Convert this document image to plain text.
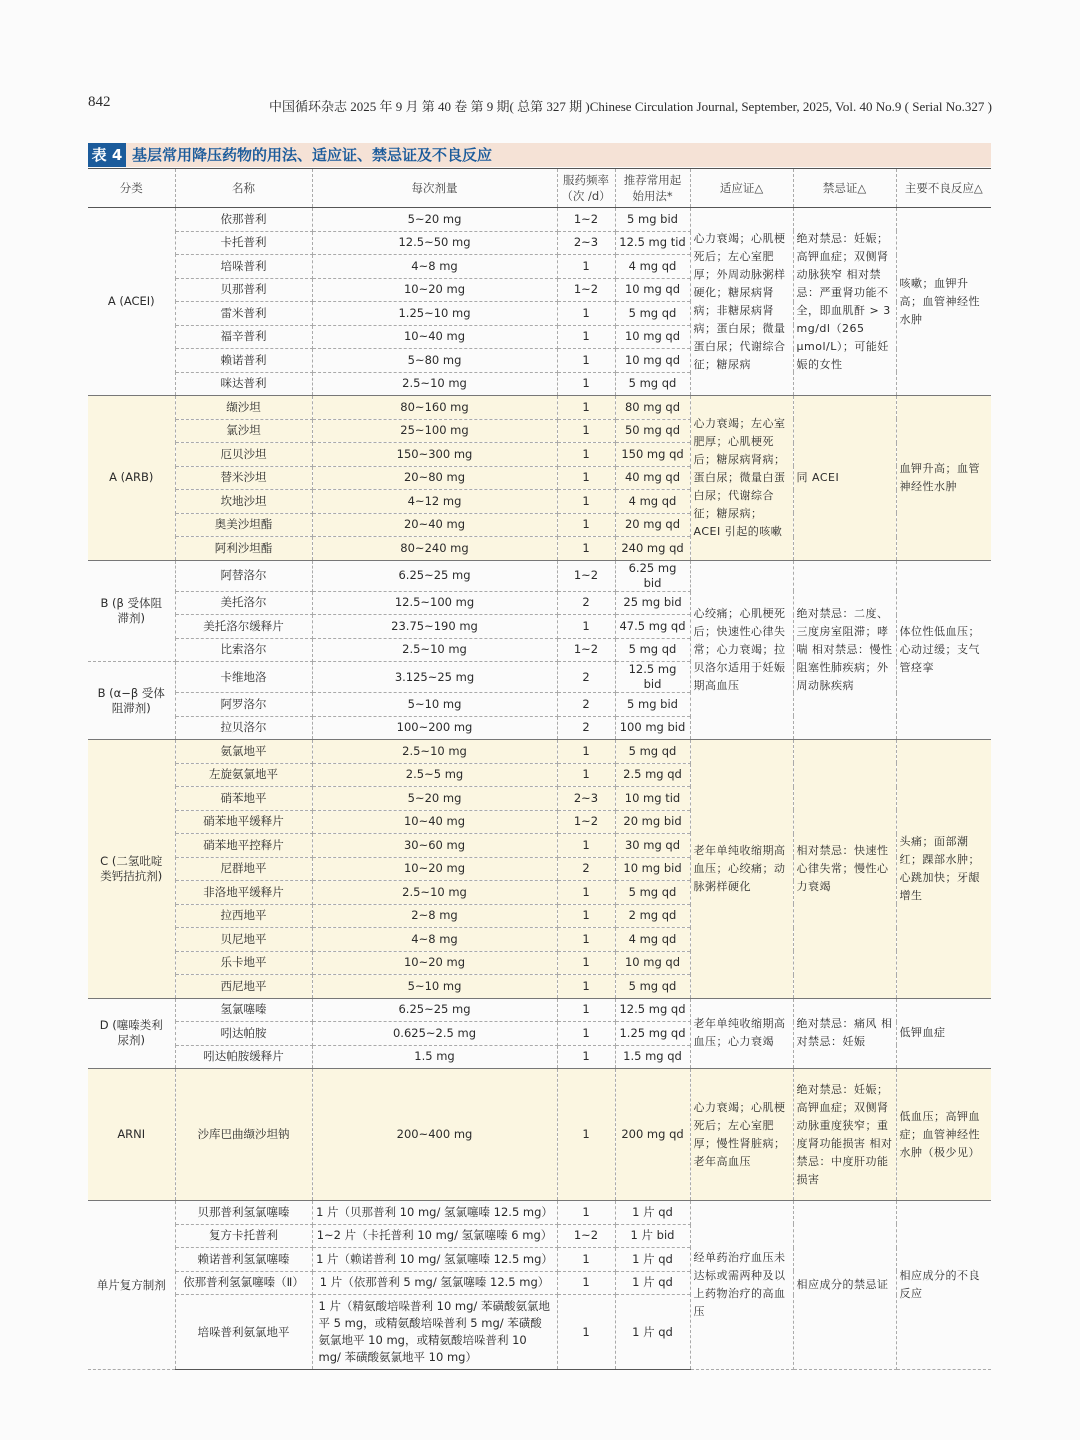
842	中国循环杂志 2025 年 9 月 第 40 卷 第 9 期( 总第 327 期 )Chinese Circulation Journal, September, 2025, Vol. 40 No.9 ( Serial No.327 )
表 4 基层常用降压药物的用法、适应证、禁忌证及不良反应
分类	名称	每次剂量	服药频率（次 /d）	推荐常用起始用法*	适应证△	禁忌证△	主要不良反应△
A (ACEI)	依那普利	5~20 mg	1~2	5 mg bid	心力衰竭；心肌梗死后；左心室肥厚；外周动脉粥样硬化；糖尿病肾病；非糖尿病肾病；蛋白尿；微量蛋白尿；代谢综合征；糖尿病	绝对禁忌：妊娠；高钾血症；双侧肾动脉狭窄 相对禁忌：严重肾功能不全，即血肌酐 > 3 mg/dl（265 μmol/L）；可能妊娠的女性	咳嗽；血钾升高；血管神经性水肿
	卡托普利	12.5~50 mg	2~3	12.5 mg tid			
	培哚普利	4~8 mg	1	4 mg qd			
	贝那普利	10~20 mg	1~2	10 mg qd			
	雷米普利	1.25~10 mg	1	5 mg qd			
	福辛普利	10~40 mg	1	10 mg qd			
	赖诺普利	5~80 mg	1	10 mg qd			
	咪达普利	2.5~10 mg	1	5 mg qd			
A (ARB)	缬沙坦	80~160 mg	1	80 mg qd	心力衰竭；左心室肥厚；心肌梗死后；糖尿病肾病；蛋白尿；微量白蛋白尿；代谢综合征；糖尿病；ACEI 引起的咳嗽	同 ACEI	血钾升高；血管神经性水肿
	氯沙坦	25~100 mg	1	50 mg qd			
	厄贝沙坦	150~300 mg	1	150 mg qd			
	替米沙坦	20~80 mg	1	40 mg qd			
	坎地沙坦	4~12 mg	1	4 mg qd			
	奥美沙坦酯	20~40 mg	1	20 mg qd			
	阿利沙坦酯	80~240 mg	1	240 mg qd			
B (β 受体阻滞剂)	阿替洛尔	6.25~25 mg	1~2	6.25 mg bid	心绞痛；心肌梗死后；快速性心律失常；心力衰竭；拉贝洛尔适用于妊娠期高血压	绝对禁忌：二度、三度房室阻滞；哮喘 相对禁忌：慢性阻塞性肺疾病；外周动脉疾病	体位性低血压；心动过缓；支气管痉挛
	美托洛尔	12.5~100 mg	2	25 mg bid			
	美托洛尔缓释片	23.75~190 mg	1	47.5 mg qd			
	比索洛尔	2.5~10 mg	1~2	5 mg qd			
B (α−β 受体阻滞剂)	卡维地洛	3.125~25 mg	2	12.5 mg bid			
	阿罗洛尔	5~10 mg	2	5 mg bid			
	拉贝洛尔	100~200 mg	2	100 mg bid			
C (二氢吡啶类钙拮抗剂)	氨氯地平	2.5~10 mg	1	5 mg qd	老年单纯收缩期高血压；心绞痛；动脉粥样硬化	相对禁忌：快速性心律失常；慢性心力衰竭	头痛；面部潮红；踝部水肿；心跳加快；牙龈增生
	左旋氨氯地平	2.5~5 mg	1	2.5 mg qd			
	硝苯地平	5~20 mg	2~3	10 mg tid			
	硝苯地平缓释片	10~40 mg	1~2	20 mg bid			
	硝苯地平控释片	30~60 mg	1	30 mg qd			
	尼群地平	10~20 mg	2	10 mg bid			
	非洛地平缓释片	2.5~10 mg	1	5 mg qd			
	拉西地平	2~8 mg	1	2 mg qd			
	贝尼地平	4~8 mg	1	4 mg qd			
	乐卡地平	10~20 mg	1	10 mg qd			
	西尼地平	5~10 mg	1	5 mg qd			
D (噻嗪类利尿剂)	氢氯噻嗪	6.25~25 mg	1	12.5 mg qd	老年单纯收缩期高血压；心力衰竭	绝对禁忌：痛风 相对禁忌：妊娠	低钾血症
	吲达帕胺	0.625~2.5 mg	1	1.25 mg qd			
	吲达帕胺缓释片	1.5 mg	1	1.5 mg qd			
ARNI	沙库巴曲缬沙坦钠	200~400 mg	1	200 mg qd	心力衰竭；心肌梗死后；左心室肥厚；慢性肾脏病；老年高血压	绝对禁忌：妊娠；高钾血症；双侧肾动脉重度狭窄；重度肾功能损害 相对禁忌：中度肝功能损害	低血压；高钾血症；血管神经性水肿（极少见）
单片复方制剂	贝那普利氢氯噻嗪	1 片（贝那普利 10 mg/ 氢氯噻嗪 12.5 mg）	1	1 片 qd	经单药治疗血压未达标或需两种及以上药物治疗的高血压	相应成分的禁忌证	相应成分的不良反应
	复方卡托普利	1~2 片（卡托普利 10 mg/ 氢氯噻嗪 6 mg）	1~2	1 片 bid			
	赖诺普利氢氯噻嗪	1 片（赖诺普利 10 mg/ 氢氯噻嗪 12.5 mg）	1	1 片 qd			
	依那普利氢氯噻嗪（Ⅱ）	1 片（依那普利 5 mg/ 氢氯噻嗪 12.5 mg）	1	1 片 qd			
	培哚普利氨氯地平	1 片（精氨酸培哚普利 10 mg/ 苯磺酸氨氯地平 5 mg，或精氨酸培哚普利 5 mg/ 苯磺酸氨氯地平 10 mg，或精氨酸培哚普利 10 mg/ 苯磺酸氨氯地平 10 mg）	1	1 片 qd			
